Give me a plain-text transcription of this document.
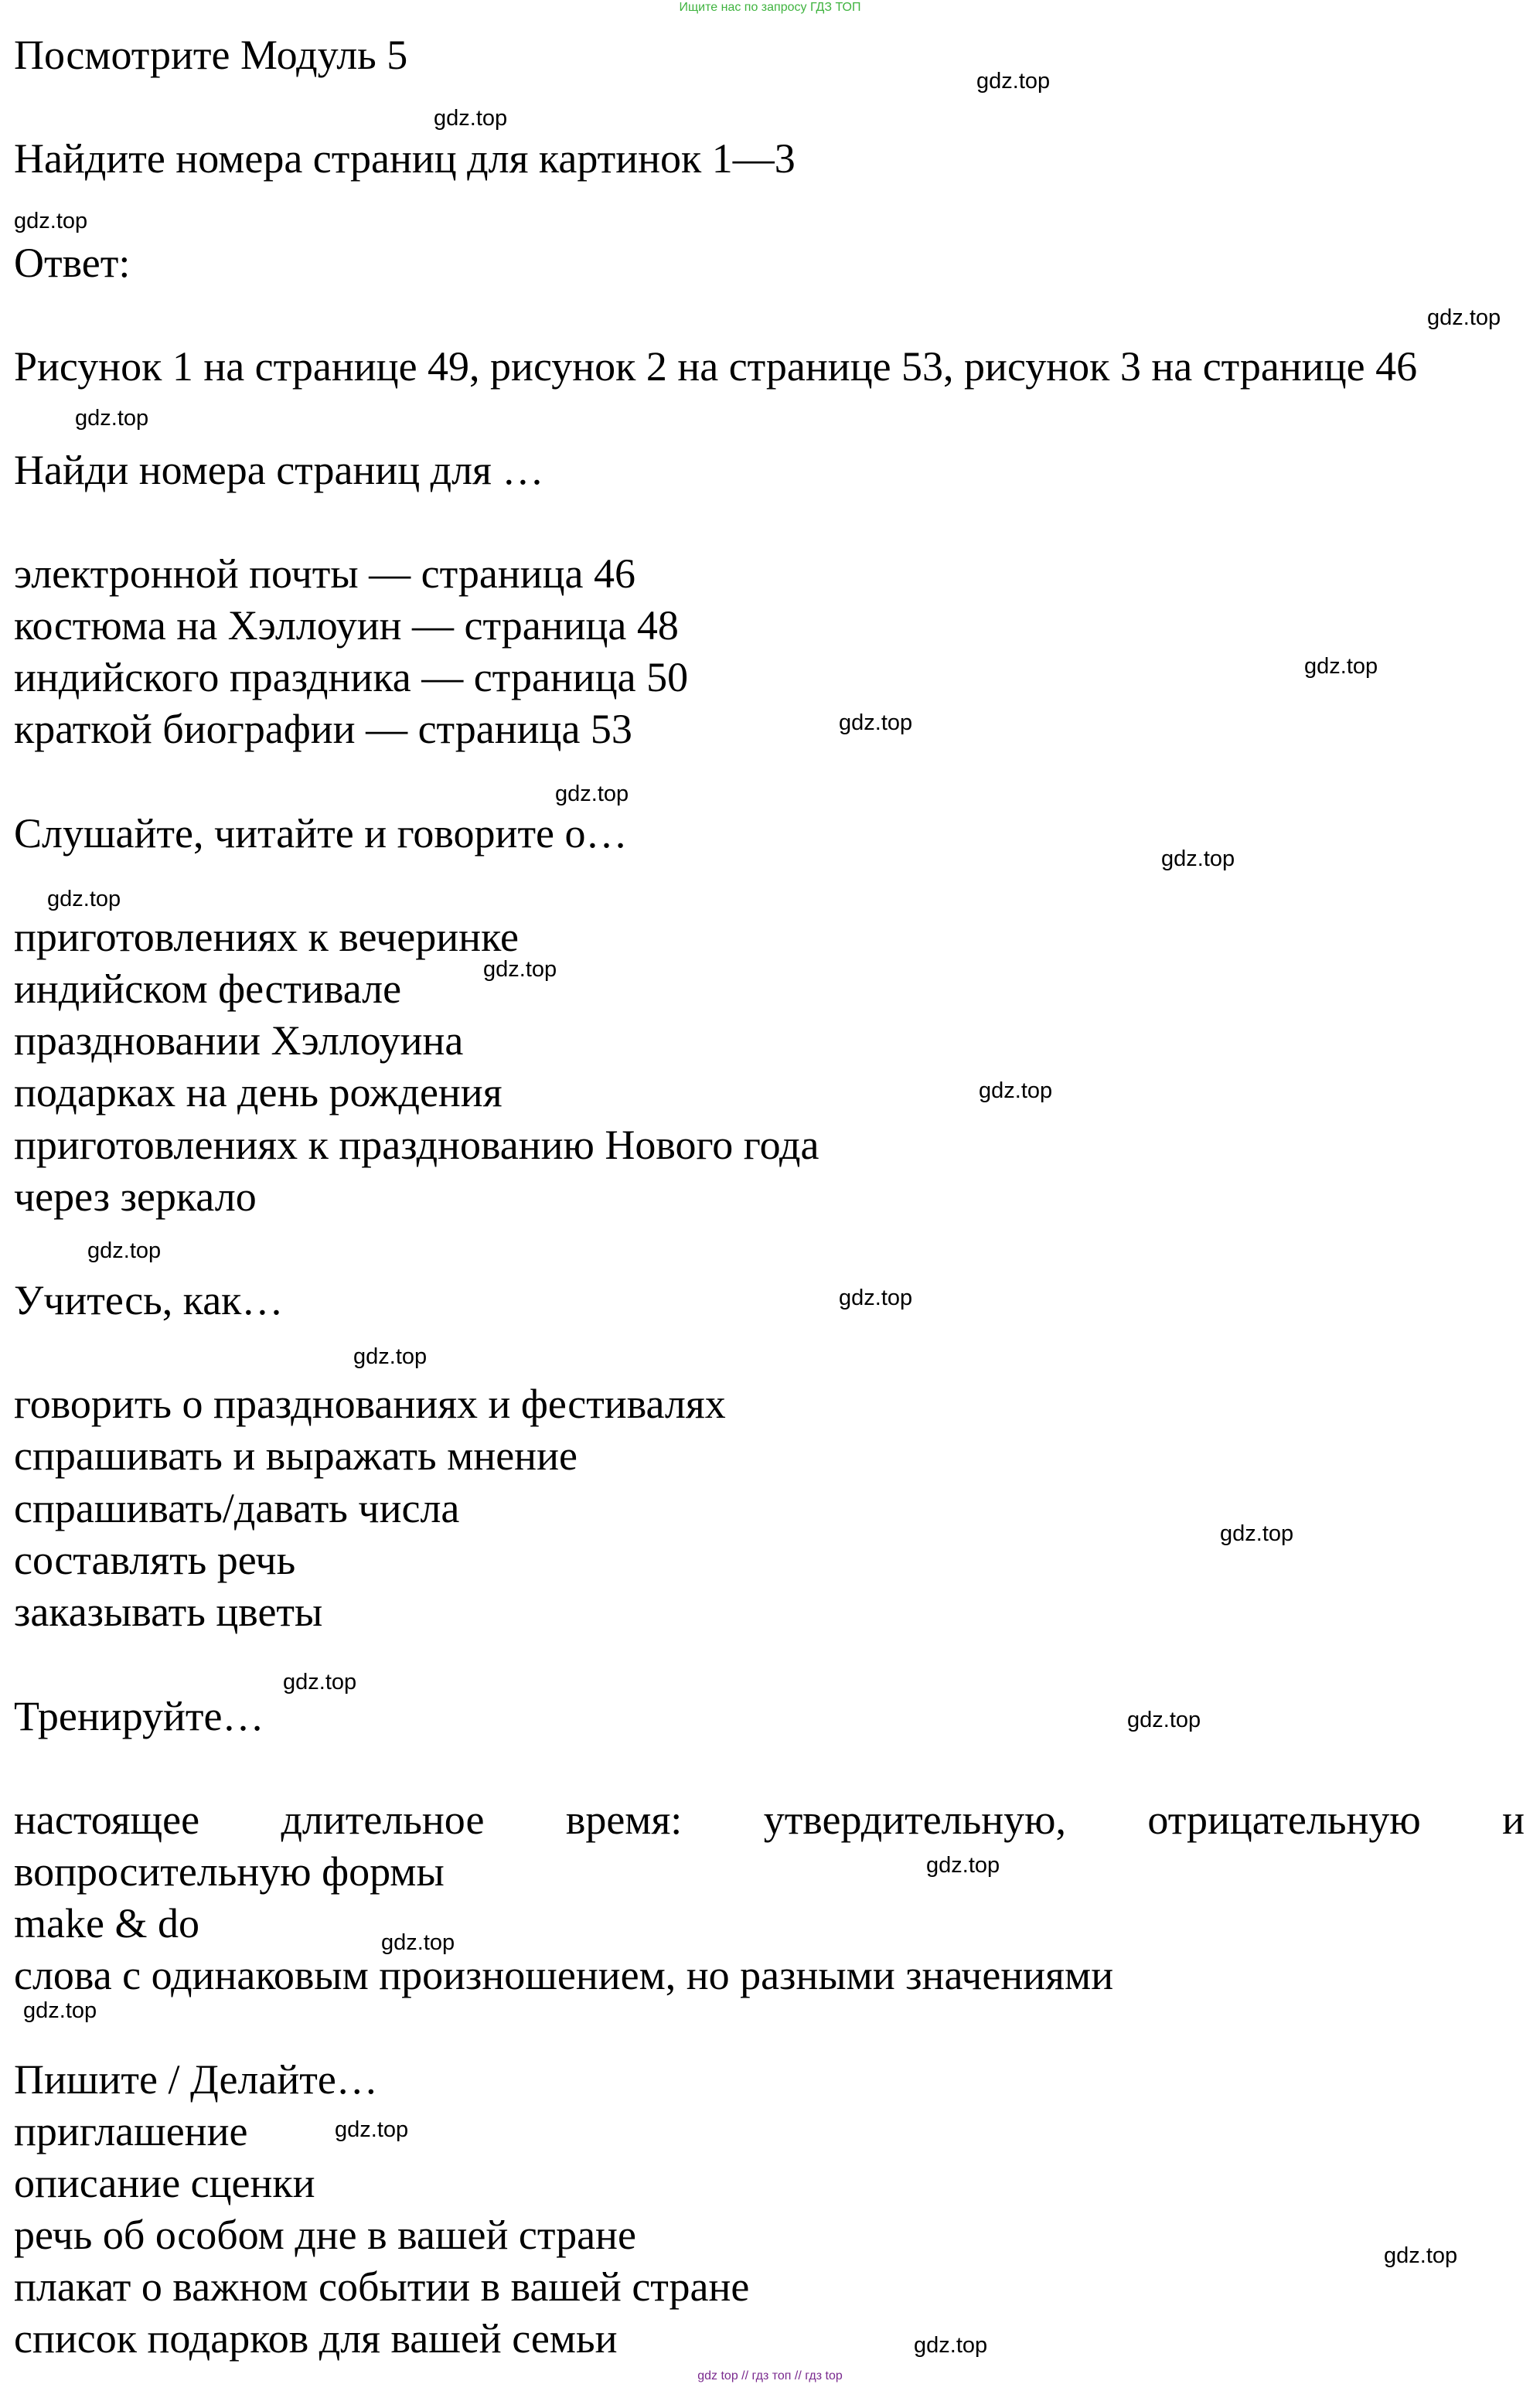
Ищите нас по запросу ГДЗ ТОП
Посмотрите Модуль 5
Найдите номера страниц для картинок 1—3
Ответ:
Рисунок 1 на странице 49, рисунок 2 на странице 53, рисунок 3 на странице 46
Найди номера страниц для …
электронной почты — страница 46
костюма на Хэллоуин — страница 48
индийского праздника — страница 50
краткой биографии — страница 53
Слушайте, читайте и говорите о…
приготовлениях к вечеринке
индийском фестивале
праздновании Хэллоуина
подарках на день рождения
приготовлениях к празднованию Нового года
через зеркало
Учитесь, как…
говорить о празднованиях и фестивалях
спрашивать и выражать мнение
спрашивать/давать числа
составлять речь
заказывать цветы
Тренируйте…
настоящее длительное время: утвердительную, отрицательную и
вопросительную формы
make & do
слова с одинаковым произношением, но разными значениями
Пишите / Делайте…
приглашение
описание сценки
речь об особом дне в вашей стране
плакат о важном событии в вашей стране
список подарков для вашей семьи
gdz.top
gdz.top
gdz.top
gdz.top
gdz.top
gdz.top
gdz.top
gdz.top
gdz.top
gdz.top
gdz.top
gdz.top
gdz.top
gdz.top
gdz.top
gdz.top
gdz.top
gdz.top
gdz.top
gdz.top
gdz.top
gdz.top
gdz.top
gdz.top
gdz top // гдз топ // гдз top
